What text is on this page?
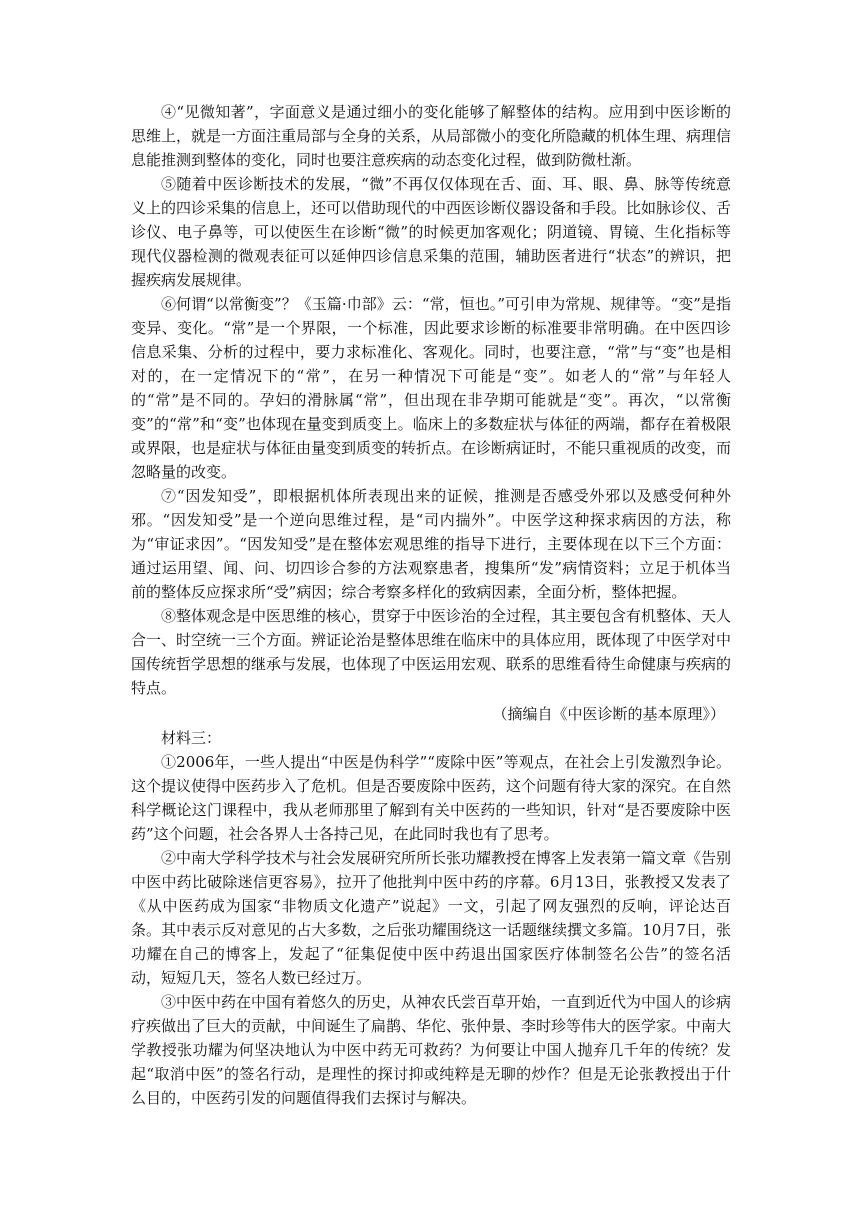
④“见微知著”，字面意义是通过细小的变化能够了解整体的结构。应用到中医诊断的思维上，就是一方面注重局部与全身的关系，从局部微小的变化所隐藏的机体生理、病理信息能推测到整体的变化，同时也要注意疾病的动态变化过程，做到防微杜渐。

⑤随着中医诊断技术的发展，“微”不再仅仅体现在舌、面、耳、眼、鼻、脉等传统意义上的四诊采集的信息上，还可以借助现代的中西医诊断仪器设备和手段。比如脉诊仪、舌诊仪、电子鼻等，可以使医生在诊断“微”的时候更加客观化；阴道镜、胃镜、生化指标等现代仪器检测的微观表征可以延伸四诊信息采集的范围，辅助医者进行“状态”的辨识，把握疾病发展规律。

⑥何谓“以常衡变”？《玉篇·巾部》云：“常，恒也。”可引申为常规、规律等。“变”是指变异、变化。“常”是一个界限，一个标准，因此要求诊断的标准要非常明确。在中医四诊信息采集、分析的过程中，要力求标准化、客观化。同时，也要注意，“常”与“变”也是相对的，在一定情况下的“常”，在另一种情况下可能是“变”。如老人的“常”与年轻人的“常”是不同的。孕妇的滑脉属“常”，但出现在非孕期可能就是“变”。再次，“以常衡变”的“常”和“变”也体现在量变到质变上。临床上的多数症状与体征的两端，都存在着极限或界限，也是症状与体征由量变到质变的转折点。在诊断病证时，不能只重视质的改变，而忽略量的改变。

⑦“因发知受”，即根据机体所表现出来的证候，推测是否感受外邪以及感受何种外邪。“因发知受”是一个逆向思维过程，是“司内揣外”。中医学这种探求病因的方法，称为“审证求因”。“因发知受”是在整体宏观思维的指导下进行，主要体现在以下三个方面：通过运用望、闻、问、切四诊合参的方法观察患者，搜集所“发”病情资料；立足于机体当前的整体反应探求所“受”病因；综合考察多样化的致病因素，全面分析，整体把握。

⑧整体观念是中医思维的核心，贯穿于中医诊治的全过程，其主要包含有机整体、天人合一、时空统一三个方面。辨证论治是整体思维在临床中的具体应用，既体现了中医学对中国传统哲学思想的继承与发展，也体现了中医运用宏观、联系的思维看待生命健康与疾病的特点。

（摘编自《中医诊断的基本原理》）

材料三：

①2006年，一些人提出“中医是伪科学”“废除中医”等观点，在社会上引发激烈争论。这个提议使得中医药步入了危机。但是否要废除中医药，这个问题有待大家的深究。在自然科学概论这门课程中，我从老师那里了解到有关中医药的一些知识，针对“是否要废除中医药”这个问题，社会各界人士各持己见，在此同时我也有了思考。

②中南大学科学技术与社会发展研究所所长张功耀教授在博客上发表第一篇文章《告别中医中药比破除迷信更容易》，拉开了他批判中医中药的序幕。6月13日，张教授又发表了《从中医药成为国家“非物质文化遗产”说起》一文，引起了网友强烈的反响，评论达百条。其中表示反对意见的占大多数，之后张功耀围绕这一话题继续撰文多篇。10月7日，张功耀在自己的博客上，发起了“征集促使中医中药退出国家医疗体制签名公告”的签名活动，短短几天，签名人数已经过万。

③中医中药在中国有着悠久的历史，从神农氏尝百草开始，一直到近代为中国人的诊病疗疾做出了巨大的贡献，中间诞生了扁鹊、华佗、张仲景、李时珍等伟大的医学家。中南大学教授张功耀为何坚决地认为中医中药无可救药？为何要让中国人抛弃几千年的传统？发起“取消中医”的签名行动，是理性的探讨抑或纯粹是无聊的炒作？但是无论张教授出于什么目的，中医药引发的问题值得我们去探讨与解决。
